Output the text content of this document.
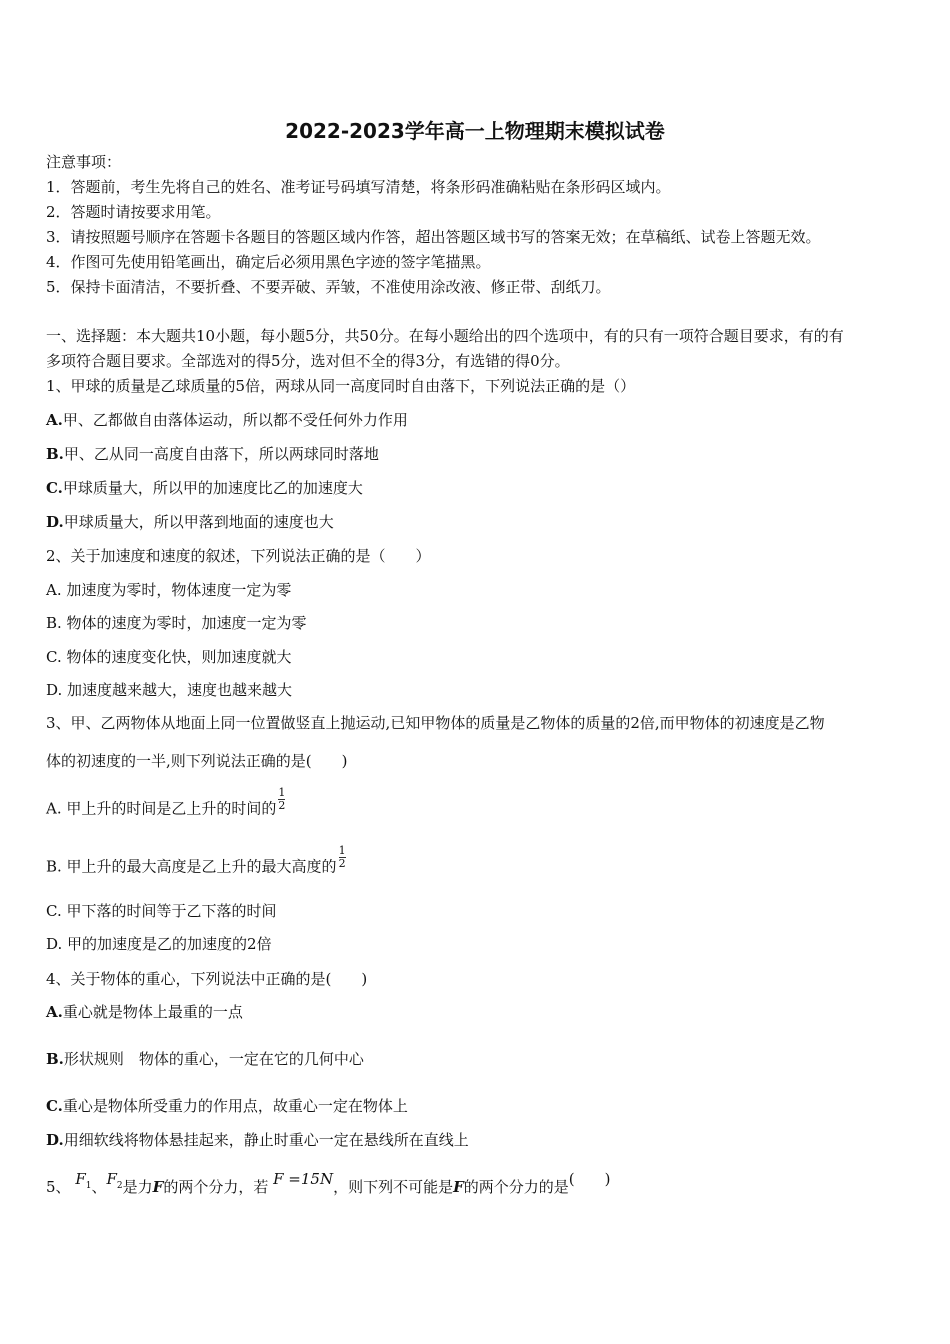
2022-2023学年高一上物理期末模拟试卷
注意事项：
1．答题前，考生先将自己的姓名、准考证号码填写清楚，将条形码准确粘贴在条形码区域内。
2．答题时请按要求用笔。
3．请按照题号顺序在答题卡各题目的答题区域内作答，超出答题区域书写的答案无效；在草稿纸、试卷上答题无效。
4．作图可先使用铅笔画出，确定后必须用黑色字迹的签字笔描黑。
5．保持卡面清洁，不要折叠、不要弄破、弄皱，不准使用涂改液、修正带、刮纸刀。
一、选择题：本大题共10小题，每小题5分，共50分。在每小题给出的四个选项中，有的只有一项符合题目要求，有的有
多项符合题目要求。全部选对的得5分，选对但不全的得3分，有选错的得0分。
1、甲球的质量是乙球质量的5倍，两球从同一高度同时自由落下，下列说法正确的是（）
A.甲、乙都做自由落体运动，所以都不受任何外力作用
B.甲、乙从同一高度自由落下，所以两球同时落地
C.甲球质量大，所以甲的加速度比乙的加速度大
D.甲球质量大，所以甲落到地面的速度也大
2、关于加速度和速度的叙述，下列说法正确的是（　　）
A. 加速度为零时，物体速度一定为零
B. 物体的速度为零时，加速度一定为零
C. 物体的速度变化快，则加速度就大
D. 加速度越来越大，速度也越来越大
3、甲、乙两物体从地面上同一位置做竖直上抛运动,已知甲物体的质量是乙物体的质量的2倍,而甲物体的初速度是乙物
体的初速度的一半,则下列说法正确的是(　　)
A. 甲上升的时间是乙上升的时间的 $\frac{1}{2}$
B. 甲上升的最大高度是乙上升的最大高度的 $\frac{1}{2}$
C. 甲下落的时间等于乙下落的时间
D. 甲的加速度是乙的加速度的2倍
4、关于物体的重心，下列说法中正确的是(　　)
A.重心就是物体上最重的一点
B.形状规则　物体的重心，一定在它的几何中心
C.重心是物体所受重力的作用点，故重心一定在物体上
D.用细软线将物体悬挂起来，静止时重心一定在悬线所在直线上
5、 $F_1$、$F_2$是力F的两个分力，若 F =15N，则下列不可能是F的两个分力的是(　　)
